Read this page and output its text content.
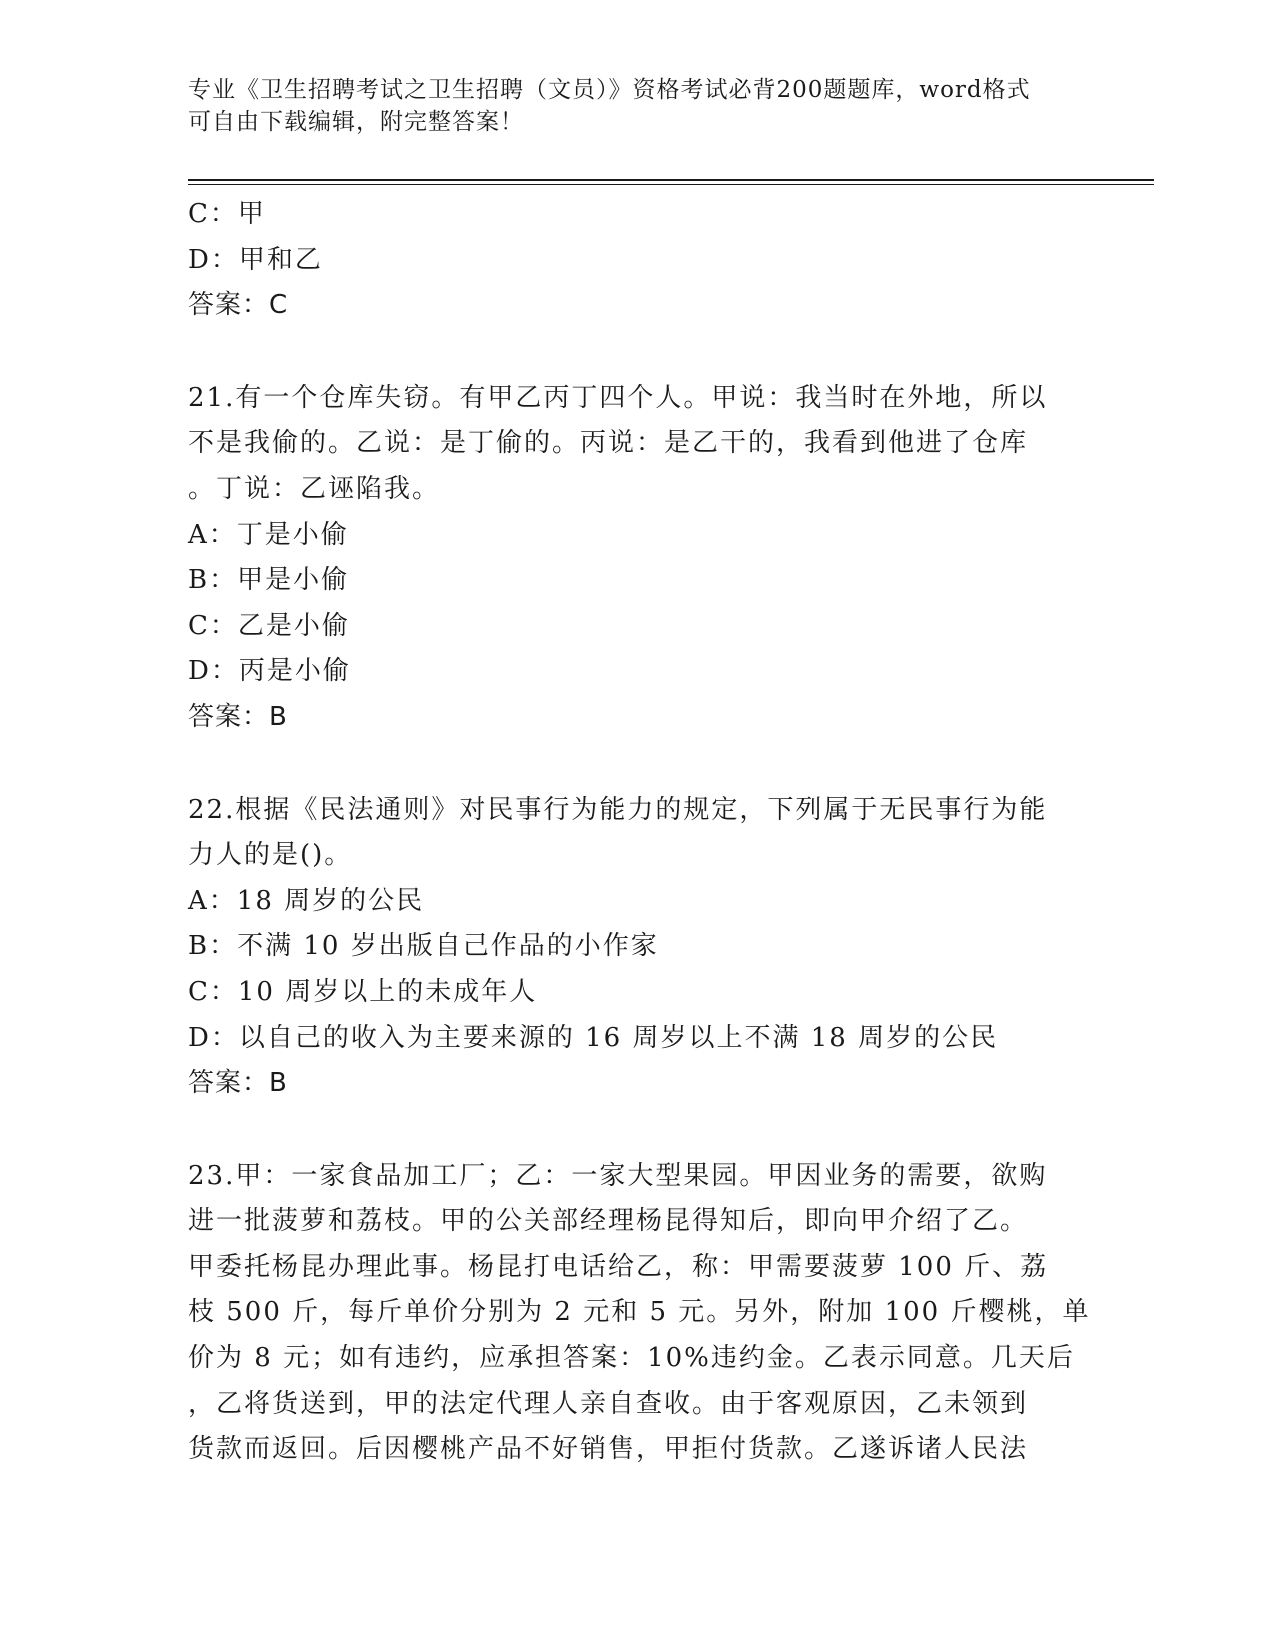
专业《卫生招聘考试之卫生招聘（文员）》资格考试必背200题题库，word格式
可自由下载编辑，附完整答案！
C：甲
D：甲和乙
答案：C
21.有一个仓库失窃。有甲乙丙丁四个人。甲说：我当时在外地，所以
不是我偷的。乙说：是丁偷的。丙说：是乙干的，我看到他进了仓库
。丁说：乙诬陷我。
A：丁是小偷
B：甲是小偷
C：乙是小偷
D：丙是小偷
答案：B
22.根据《民法通则》对民事行为能力的规定，下列属于无民事行为能
力人的是()。
A：18 周岁的公民
B：不满 10 岁出版自己作品的小作家
C：10 周岁以上的未成年人
D：以自己的收入为主要来源的 16 周岁以上不满 18 周岁的公民
答案：B
23.甲：一家食品加工厂；乙：一家大型果园。甲因业务的需要，欲购
进一批菠萝和荔枝。甲的公关部经理杨昆得知后，即向甲介绍了乙。
甲委托杨昆办理此事。杨昆打电话给乙，称：甲需要菠萝 100 斤、荔
枝 500 斤，每斤单价分别为 2 元和 5 元。另外，附加 100 斤樱桃，单
价为 8 元；如有违约，应承担答案：10%违约金。乙表示同意。几天后
，乙将货送到，甲的法定代理人亲自查收。由于客观原因，乙未领到
货款而返回。后因樱桃产品不好销售，甲拒付货款。乙遂诉诸人民法
